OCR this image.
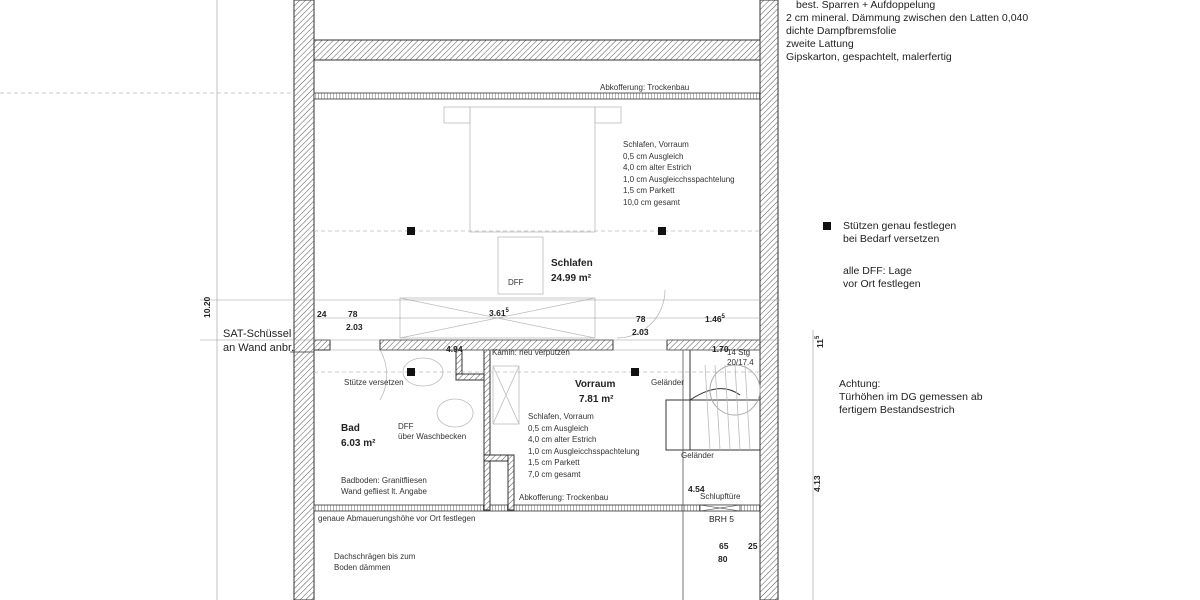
best. Sparren + Aufdoppelung
2 cm mineral. Dämmung zwischen den Latten 0,040
dichte Dampfbremsfolie
zweite Lattung
Gipskarton, gespachtelt, malerfertig
Abkofferung: Trockenbau
Schlafen, Vorraum
0,5 cm Ausgleich
4,0 cm alter Estrich
1,0 cm Ausgleicchsspachtelung
1,5 cm Parkett
10,0 cm gesamt
Schlafen
24.99 m²
DFF
Stützen genau festlegen
bei Bedarf versetzen
alle DFF: Lage
vor Ort festlegen
Achtung:
Türhöhen im DG gemessen ab
fertigem Bestandsestrich
10.20
$11^5$
4.13
24	78
2.03
3.61$^5$
78
2.03
1.46$^5$
4.94	1.70
4.54
65 25
80
SAT-Schüssel
an Wand anbr.	Kamin: neu verputzen	14 Stg
20/17.4
Stütze versetzen	Geländer
Geländer
Vorraum
7.81 m²
Schlafen, Vorraum
0,5 cm Ausgleich
4,0 cm alter Estrich
1,0 cm Ausgleicchsspachtelung
1,5 cm Parkett
7,0 cm gesamt
Bad
6.03 m²
DFF
über Waschbecken
Badboden: Granitfliesen
Wand gefliest lt. Angabe
Abkofferung: Trockenbau	Schlupftüre
BRH 5
genaue Abmauerungshöhe vor Ort festlegen
Dachschrägen bis zum
Boden dämmen
